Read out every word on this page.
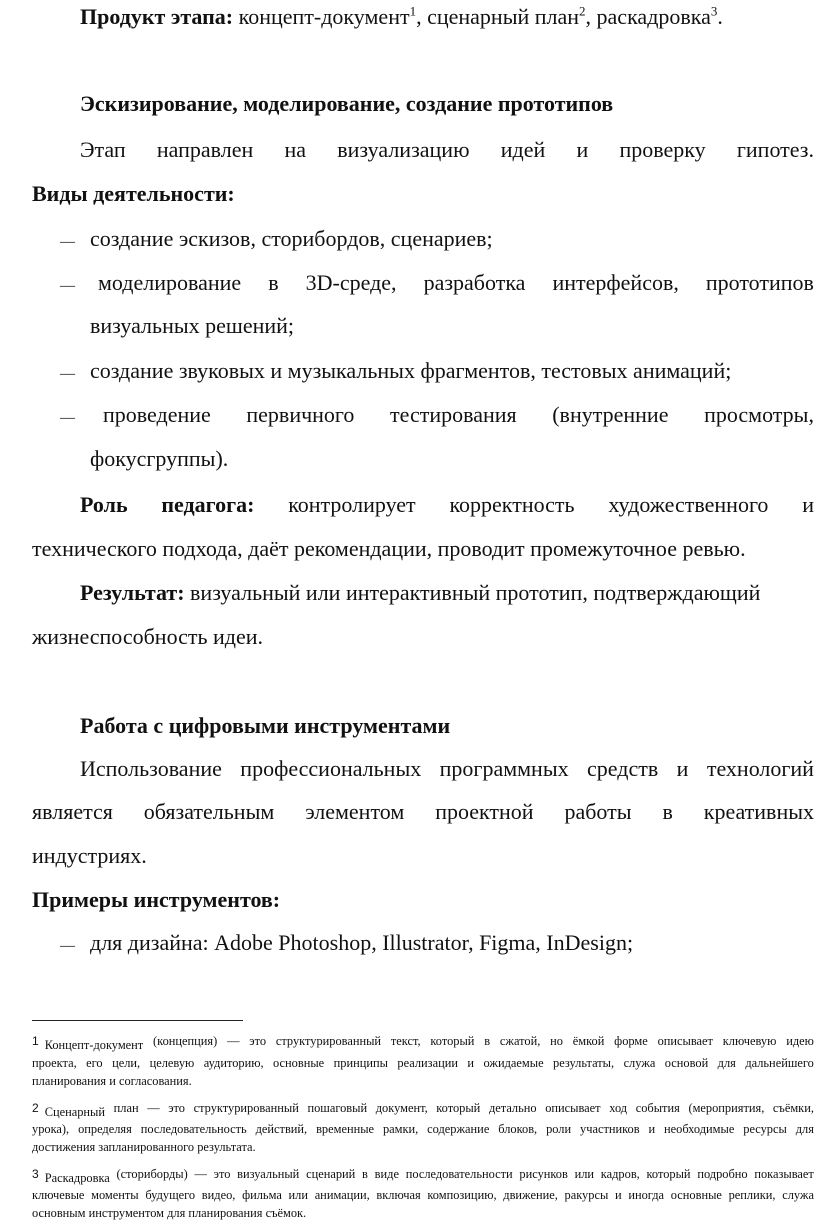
Продукт этапа: концепт-документ$^1$, сценарный план$^2$, раскадровка$^3$.
Эскизирование, моделирование, создание прототипов
Этап направлен на визуализацию идей и проверку гипотез.
Виды деятельности:
— создание эскизов, сторибордов, сценариев;
— моделирование в 3D-среде, разработка интерфейсов, прототипов
визуальных решений;
— создание звуковых и музыкальных фрагментов, тестовых анимаций;
— проведение первичного тестирования (внутренние просмотры,
фокусгруппы).
Роль педагога: контролирует корректность художественного и
технического подхода, даёт рекомендации, проводит промежуточное ревью.
Результат: визуальный или интерактивный прототип, подтверждающий
жизнеспособность идеи.
Работа с цифровыми инструментами
Использование профессиональных программных средств и технологий
является обязательным элементом проектной работы в креативных
индустриях.
Примеры инструментов:
— для дизайна: Adobe Photoshop, Illustrator, Figma, InDesign;
1 Концепт-документ (концепция) — это структурированный текст, который в сжатой, но ёмкой форме описывает ключевую идею
проекта, его цели, целевую аудиторию, основные принципы реализации и ожидаемые результаты, служа основой для дальнейшего
планирования и согласования.
2 Сценарный план — это структурированный пошаговый документ, который детально описывает ход события (мероприятия, съёмки,
урока), определяя последовательность действий, временные рамки, содержание блоков, роли участников и необходимые ресурсы для
достижения запланированного результата.
3 Раскадровка (сториборды) — это визуальный сценарий в виде последовательности рисунков или кадров, который подробно показывает
ключевые моменты будущего видео, фильма или анимации, включая композицию, движение, ракурсы и иногда основные реплики, служа
основным инструментом для планирования съёмок.
